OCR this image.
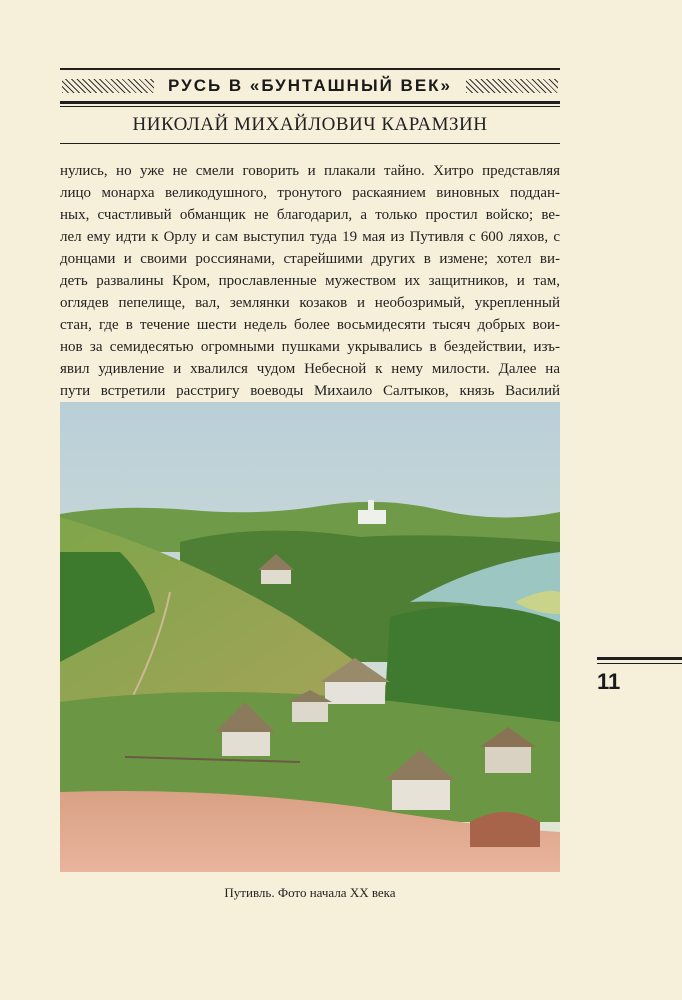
РУСЬ В «БУНТАШНЫЙ ВЕК»
НИКОЛАЙ МИХАЙЛОВИЧ КАРАМЗИН
нулись, но уже не смели говорить и плакали тайно. Хитро представляя
лицо монарха великодушного, тронутого раскаянием виновных поддан-
ных, счастливый обманщик не благодарил, а только простил войско; ве-
лел ему идти к Орлу и сам выступил туда 19 мая из Путивля с 600 ляхов, с
донцами и своими россиянами, старейшими других в измене; хотел ви-
деть развалины Кром, прославленные мужеством их защитников, и там,
оглядев пепелище, вал, землянки козаков и необозримый, укрепленный
стан, где в течение шести недель более восьмидесяти тысяч добрых вои-
нов за семидесятью огромными пушками укрывались в бездействии, изъ-
явил удивление и хвалился чудом Небесной к нему милости. Далее на
пути встретили расстригу воеводы Михаило Салтыков, князь Василий
Путивль. Фото начала XX века
11
